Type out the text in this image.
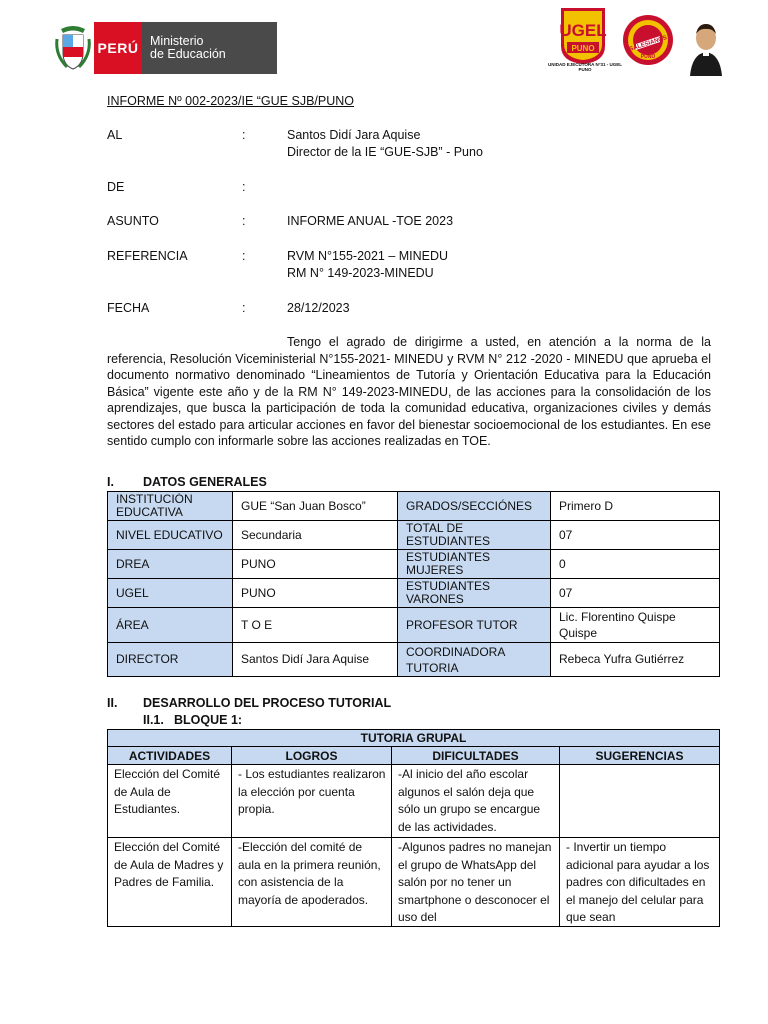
PERÚ Ministerio
de Educación
UGEL
PUNO
UNIDAD EJECUTORA N°31 - UGEL PUNO
SALESIANOS
PUNO
INFORME Nº 002-2023/IE “GUE SJB/PUNO
AL	:	Santos Didí Jara Aquise
Director de la IE “GUE-SJB” - Puno
DE	:
ASUNTO	:	INFORME ANUAL -TOE 2023
REFERENCIA	:	RVM N°155-2021 – MINEDU
RM N° 149-2023-MINEDU
FECHA	:	28/12/2023

Tengo el agrado de dirigirme a usted, en atención a la norma de la referencia, Resolución Viceministerial N°155-2021- MINEDU y RVM N° 212 -2020 - MINEDU que aprueba el documento normativo denominado “Lineamientos de Tutoría y Orientación Educativa para la Educación Básica” vigente este año y de la RM N° 149-2023-MINEDU, de las acciones para la consolidación de los aprendizajes, que busca la participación de toda la comunidad educativa, organizaciones civiles y demás sectores del estado para articular acciones en favor del bienestar socioemocional de los estudiantes. En ese sentido cumplo con informarle sobre las acciones realizadas en TOE.

I. DATOS GENERALES
INSTITUCIÓN EDUCATIVA	GUE “San Juan Bosco”	GRADOS/SECCIÓNES	Primero D
NIVEL EDUCATIVO	Secundaria	TOTAL DE ESTUDIANTES	07
DREA	PUNO	ESTUDIANTES MUJERES	0
UGEL	PUNO	ESTUDIANTES VARONES	07
ÁREA	T O E	PROFESOR TUTOR	Lic. Florentino Quispe Quispe
DIRECTOR	Santos Didí Jara Aquise	COORDINADORA TUTORIA	Rebeca Yufra Gutiérrez
II. DESARROLLO DEL PROCESO TUTORIAL
II.1. BLOQUE 1:
TUTORIA GRUPAL			
ACTIVIDADES	LOGROS	DIFICULTADES	SUGERENCIAS
Elección del Comité de Aula de Estudiantes.	- Los estudiantes realizaron la elección por cuenta propia.	-Al inicio del año escolar algunos el salón deja que sólo un grupo se encargue de las actividades.	

Elección del Comité de Aula de Madres y Padres de Familia.	-Elección del comité de aula en la primera reunión, con asistencia de la mayoría de apoderados.	-Algunos padres no manejan el grupo de WhatsApp del salón por no tener un smartphone o desconocer el uso del	- Invertir un tiempo adicional para ayudar a los padres con dificultades en el manejo del celular para que sean
